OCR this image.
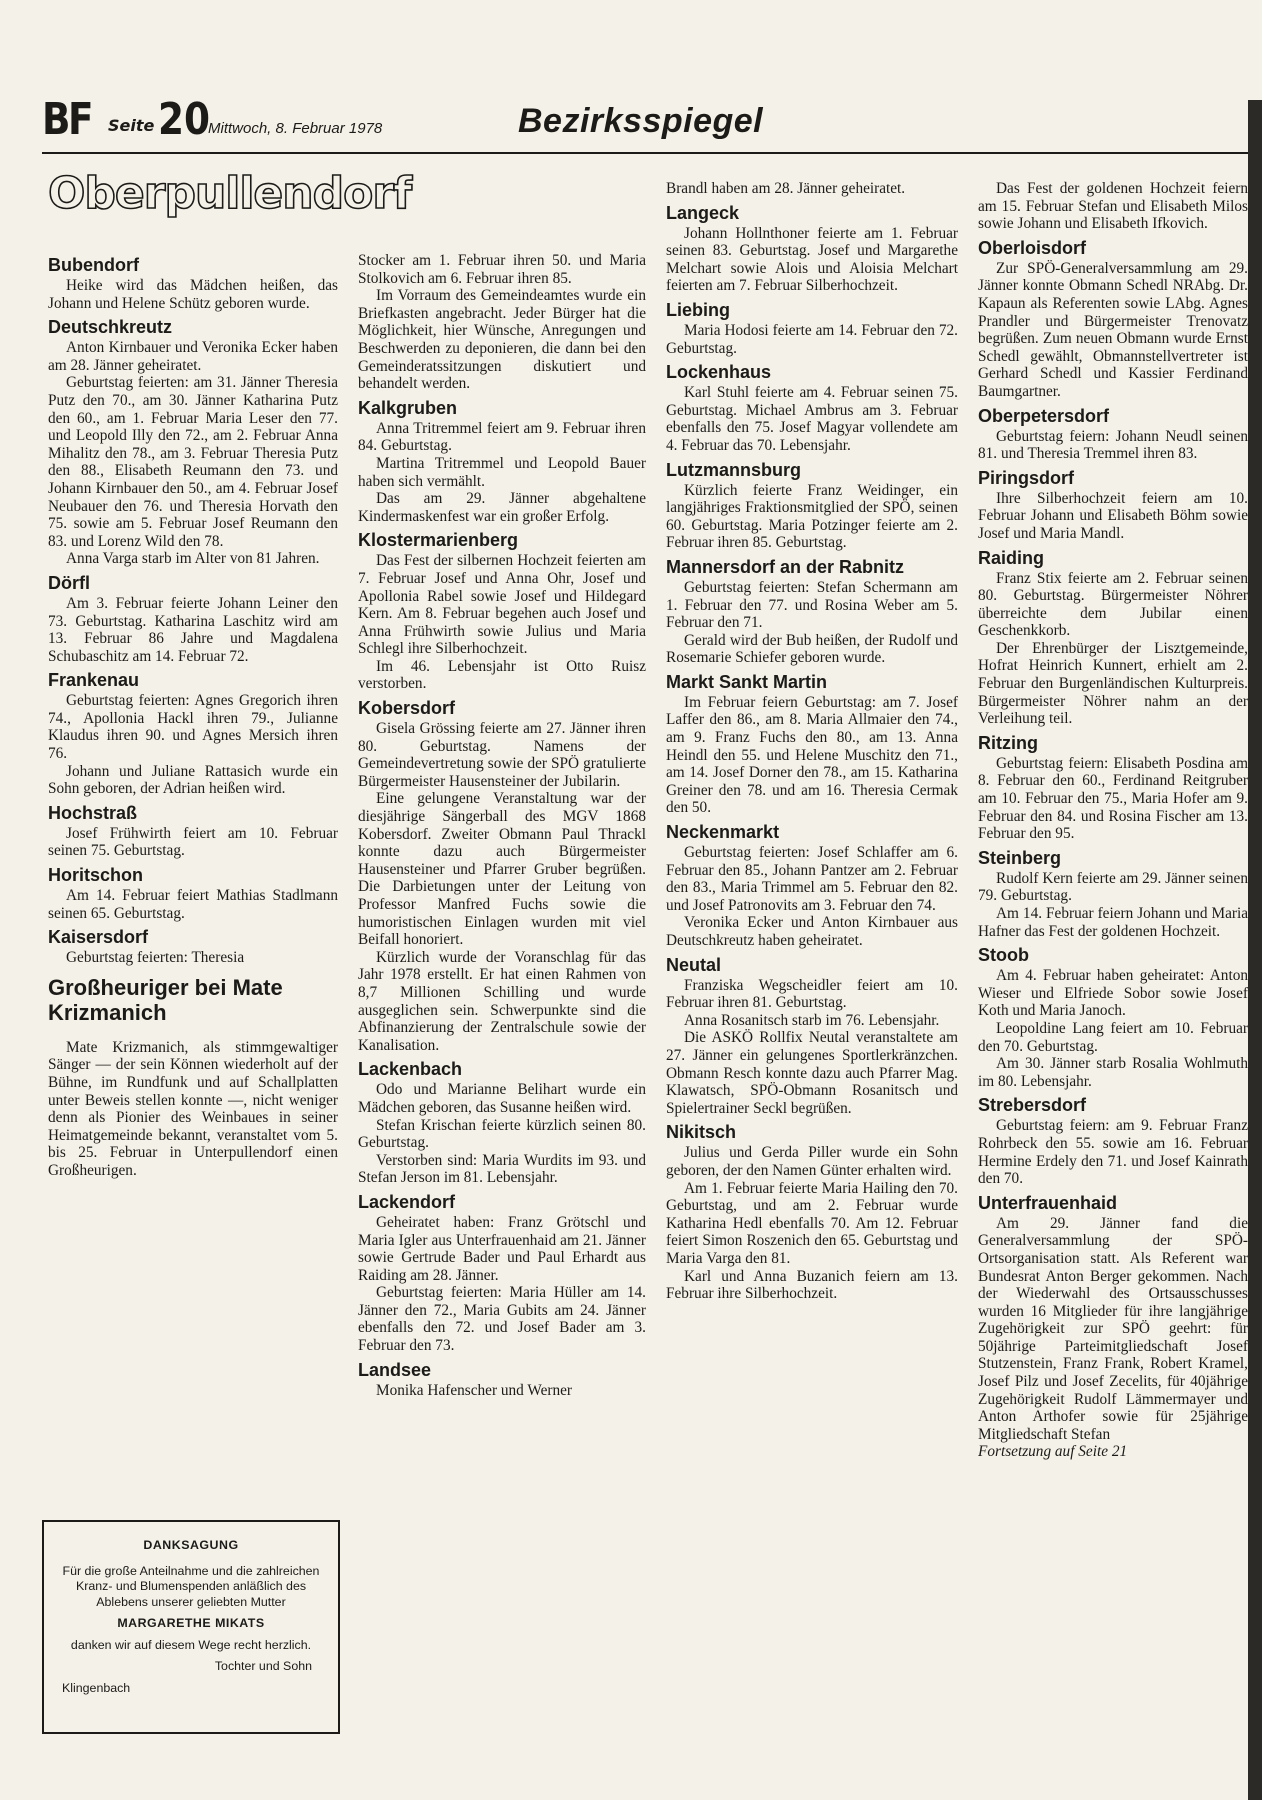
BF Seite 20
Mittwoch, 8. Februar 1978	Bezirksspiegel
Oberpullendorf
Bubendorf

Heike wird das Mädchen heißen, das Johann und Helene Schütz geboren wurde.

Deutschkreutz

Anton Kirnbauer und Veronika Ecker haben am 28. Jänner geheiratet.

Geburtstag feierten: am 31. Jänner Theresia Putz den 70., am 30. Jänner Katharina Putz den 60., am 1. Februar Maria Leser den 77. und Leopold Illy den 72., am 2. Februar Anna Mihalitz den 78., am 3. Februar Theresia Putz den 88., Elisabeth Reumann den 73. und Johann Kirnbauer den 50., am 4. Februar Josef Neubauer den 76. und Theresia Horvath den 75. sowie am 5. Februar Josef Reumann den 83. und Lorenz Wild den 78.

Anna Varga starb im Alter von 81 Jahren.

Dörfl

Am 3. Februar feierte Johann Leiner den 73. Geburtstag. Katharina Laschitz wird am 13. Februar 86 Jahre und Magdalena Schubaschitz am 14. Februar 72.

Frankenau

Geburtstag feierten: Agnes Gregorich ihren 74., Apollonia Hackl ihren 79., Julianne Klaudus ihren 90. und Agnes Mersich ihren 76.

Johann und Juliane Rattasich wurde ein Sohn geboren, der Adrian heißen wird.

Hochstraß

Josef Frühwirth feiert am 10. Februar seinen 75. Geburtstag.

Horitschon

Am 14. Februar feiert Mathias Stadlmann seinen 65. Geburtstag.

Kaisersdorf

Geburtstag feierten: Theresia

Großheuriger bei Mate Krizmanich

Mate Krizmanich, als stimmgewaltiger Sänger — der sein Können wiederholt auf der Bühne, im Rundfunk und auf Schallplatten unter Beweis stellen konnte —, nicht weniger denn als Pionier des Weinbaues in seiner Heimatgemeinde bekannt, veranstaltet vom 5. bis 25. Februar in Unterpullendorf einen Großheurigen.

Stocker am 1. Februar ihren 50. und Maria Stolkovich am 6. Februar ihren 85.

Im Vorraum des Gemeindeamtes wurde ein Briefkasten angebracht. Jeder Bürger hat die Möglichkeit, hier Wünsche, Anregungen und Beschwerden zu deponieren, die dann bei den Gemeinderatssitzungen diskutiert und behandelt werden.

Kalkgruben

Anna Tritremmel feiert am 9. Februar ihren 84. Geburtstag.

Martina Tritremmel und Leopold Bauer haben sich vermählt.

Das am 29. Jänner abgehaltene Kindermaskenfest war ein großer Erfolg.

Klostermarienberg

Das Fest der silbernen Hochzeit feierten am 7. Februar Josef und Anna Ohr, Josef und Apollonia Rabel sowie Josef und Hildegard Kern. Am 8. Februar begehen auch Josef und Anna Frühwirth sowie Julius und Maria Schlegl ihre Silberhochzeit.

Im 46. Lebensjahr ist Otto Ruisz verstorben.

Kobersdorf

Gisela Grössing feierte am 27. Jänner ihren 80. Geburtstag. Namens der Gemeindevertretung sowie der SPÖ gratulierte Bürgermeister Hausensteiner der Jubilarin.

Eine gelungene Veranstaltung war der diesjährige Sängerball des MGV 1868 Kobersdorf. Zweiter Obmann Paul Thrackl konnte dazu auch Bürgermeister Hausensteiner und Pfarrer Gruber begrüßen. Die Darbietungen unter der Leitung von Professor Manfred Fuchs sowie die humoristischen Einlagen wurden mit viel Beifall honoriert.

Kürzlich wurde der Voranschlag für das Jahr 1978 erstellt. Er hat einen Rahmen von 8,7 Millionen Schilling und wurde ausgeglichen sein. Schwerpunkte sind die Abfinanzierung der Zentralschule sowie der Kanalisation.

Lackenbach

Odo und Marianne Belihart wurde ein Mädchen geboren, das Susanne heißen wird.

Stefan Krischan feierte kürzlich seinen 80. Geburtstag.

Verstorben sind: Maria Wurdits im 93. und Stefan Jerson im 81. Lebensjahr.

Lackendorf

Geheiratet haben: Franz Grötschl und Maria Igler aus Unterfrauenhaid am 21. Jänner sowie Gertrude Bader und Paul Erhardt aus Raiding am 28. Jänner.

Geburtstag feierten: Maria Hüller am 14. Jänner den 72., Maria Gubits am 24. Jänner ebenfalls den 72. und Josef Bader am 3. Februar den 73.

Landsee

Monika Hafenscher und Werner

Brandl haben am 28. Jänner geheiratet.

Langeck

Johann Hollnthoner feierte am 1. Februar seinen 83. Geburtstag. Josef und Margarethe Melchart sowie Alois und Aloisia Melchart feierten am 7. Februar Silberhochzeit.

Liebing

Maria Hodosi feierte am 14. Februar den 72. Geburtstag.

Lockenhaus

Karl Stuhl feierte am 4. Februar seinen 75. Geburtstag. Michael Ambrus am 3. Februar ebenfalls den 75. Josef Magyar vollendete am 4. Februar das 70. Lebensjahr.

Lutzmannsburg

Kürzlich feierte Franz Weidinger, ein langjähriges Fraktionsmitglied der SPÖ, seinen 60. Geburtstag. Maria Potzinger feierte am 2. Februar ihren 85. Geburtstag.

Mannersdorf an der Rabnitz

Geburtstag feierten: Stefan Schermann am 1. Februar den 77. und Rosina Weber am 5. Februar den 71.

Gerald wird der Bub heißen, der Rudolf und Rosemarie Schiefer geboren wurde.

Markt Sankt Martin

Im Februar feiern Geburtstag: am 7. Josef Laffer den 86., am 8. Maria Allmaier den 74., am 9. Franz Fuchs den 80., am 13. Anna Heindl den 55. und Helene Muschitz den 71., am 14. Josef Dorner den 78., am 15. Katharina Greiner den 78. und am 16. Theresia Cermak den 50.

Neckenmarkt

Geburtstag feierten: Josef Schlaffer am 6. Februar den 85., Johann Pantzer am 2. Februar den 83., Maria Trimmel am 5. Februar den 82. und Josef Patronovits am 3. Februar den 74.

Veronika Ecker und Anton Kirnbauer aus Deutschkreutz haben geheiratet.

Neutal

Franziska Wegscheidler feiert am 10. Februar ihren 81. Geburtstag.

Anna Rosanitsch starb im 76. Lebensjahr.

Die ASKÖ Rollfix Neutal veranstaltete am 27. Jänner ein gelungenes Sportlerkränzchen. Obmann Resch konnte dazu auch Pfarrer Mag. Klawatsch, SPÖ-Obmann Rosanitsch und Spielertrainer Seckl begrüßen.

Nikitsch

Julius und Gerda Piller wurde ein Sohn geboren, der den Namen Günter erhalten wird.

Am 1. Februar feierte Maria Hailing den 70. Geburtstag, und am 2. Februar wurde Katharina Hedl ebenfalls 70. Am 12. Februar feiert Simon Roszenich den 65. Geburtstag und Maria Varga den 81.

Karl und Anna Buzanich feiern am 13. Februar ihre Silberhochzeit.

Das Fest der goldenen Hochzeit feiern am 15. Februar Stefan und Elisabeth Milos sowie Johann und Elisabeth Ifkovich.

Oberloisdorf

Zur SPÖ-Generalversammlung am 29. Jänner konnte Obmann Schedl NRAbg. Dr. Kapaun als Referenten sowie LAbg. Agnes Prandler und Bürgermeister Trenovatz begrüßen. Zum neuen Obmann wurde Ernst Schedl gewählt, Obmannstellvertreter ist Gerhard Schedl und Kassier Ferdinand Baumgartner.

Oberpetersdorf

Geburtstag feiern: Johann Neudl seinen 81. und Theresia Tremmel ihren 83.

Piringsdorf

Ihre Silberhochzeit feiern am 10. Februar Johann und Elisabeth Böhm sowie Josef und Maria Mandl.

Raiding

Franz Stix feierte am 2. Februar seinen 80. Geburtstag. Bürgermeister Nöhrer überreichte dem Jubilar einen Geschenkkorb.

Der Ehrenbürger der Lisztgemeinde, Hofrat Heinrich Kunnert, erhielt am 2. Februar den Burgenländischen Kulturpreis. Bürgermeister Nöhrer nahm an der Verleihung teil.

Ritzing

Geburtstag feiern: Elisabeth Posdina am 8. Februar den 60., Ferdinand Reitgruber am 10. Februar den 75., Maria Hofer am 9. Februar den 84. und Rosina Fischer am 13. Februar den 95.

Steinberg

Rudolf Kern feierte am 29. Jänner seinen 79. Geburtstag.

Am 14. Februar feiern Johann und Maria Hafner das Fest der goldenen Hochzeit.

Stoob

Am 4. Februar haben geheiratet: Anton Wieser und Elfriede Sobor sowie Josef Koth und Maria Janoch.

Leopoldine Lang feiert am 10. Februar den 70. Geburtstag.

Am 30. Jänner starb Rosalia Wohlmuth im 80. Lebensjahr.

Strebersdorf

Geburtstag feiern: am 9. Februar Franz Rohrbeck den 55. sowie am 16. Februar Hermine Erdely den 71. und Josef Kainrath den 70.

Unterfrauenhaid

Am 29. Jänner fand die Generalversammlung der SPÖ-Ortsorganisation statt. Als Referent war Bundesrat Anton Berger gekommen. Nach der Wiederwahl des Ortsausschusses wurden 16 Mitglieder für ihre langjährige Zugehörigkeit zur SPÖ geehrt: für 50jährige Parteimitgliedschaft Josef Stutzenstein, Franz Frank, Robert Kramel, Josef Pilz und Josef Zecelits, für 40jährige Zugehörigkeit Rudolf Lämmermayer und Anton Arthofer sowie für 25jährige Mitgliedschaft Stefan

Fortsetzung auf Seite 21

DANKSAGUNG
Für die große Anteilnahme und die zahlreichen Kranz- und Blumenspenden anläßlich des Ablebens unserer geliebten Mutter
MARGARETHE MIKATS
danken wir auf diesem Wege recht herzlich.
Tochter und Sohn
Klingenbach
